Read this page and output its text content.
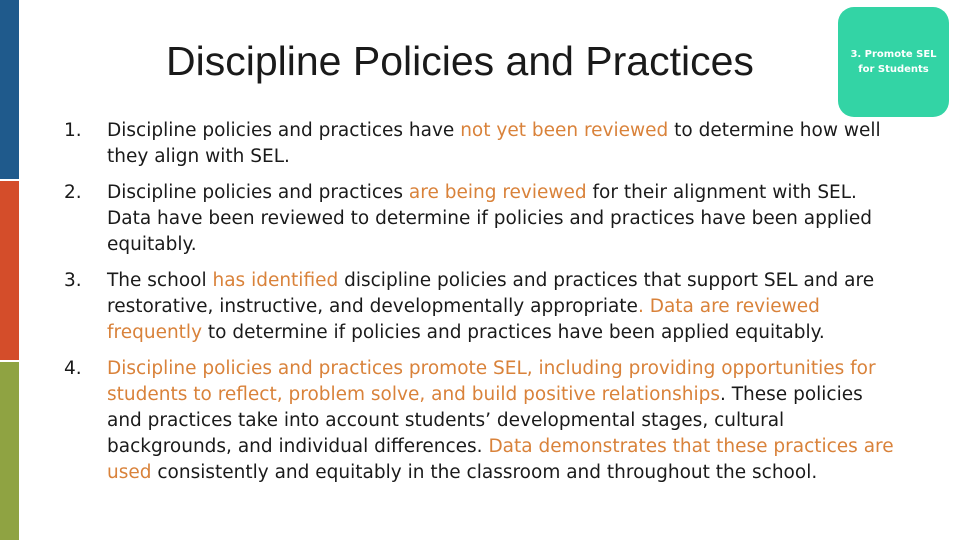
Discipline Policies and Practices	3. Promote SEL for Students
1. Discipline policies and practices have not yet been reviewed to determine how well they align with SEL.
2. Discipline policies and practices are being reviewed for their alignment with SEL. Data have been reviewed to determine if policies and practices have been applied equitably.
3. The school has identified discipline policies and practices that support SEL and are restorative, instructive, and developmentally appropriate. Data are reviewed frequently to determine if policies and practices have been applied equitably.
4. Discipline policies and practices promote SEL, including providing opportunities for students to reflect, problem solve, and build positive relationships. These policies and practices take into account students’ developmental stages, cultural backgrounds, and individual differences. Data demonstrates that these practices are used consistently and equitably in the classroom and throughout the school.
